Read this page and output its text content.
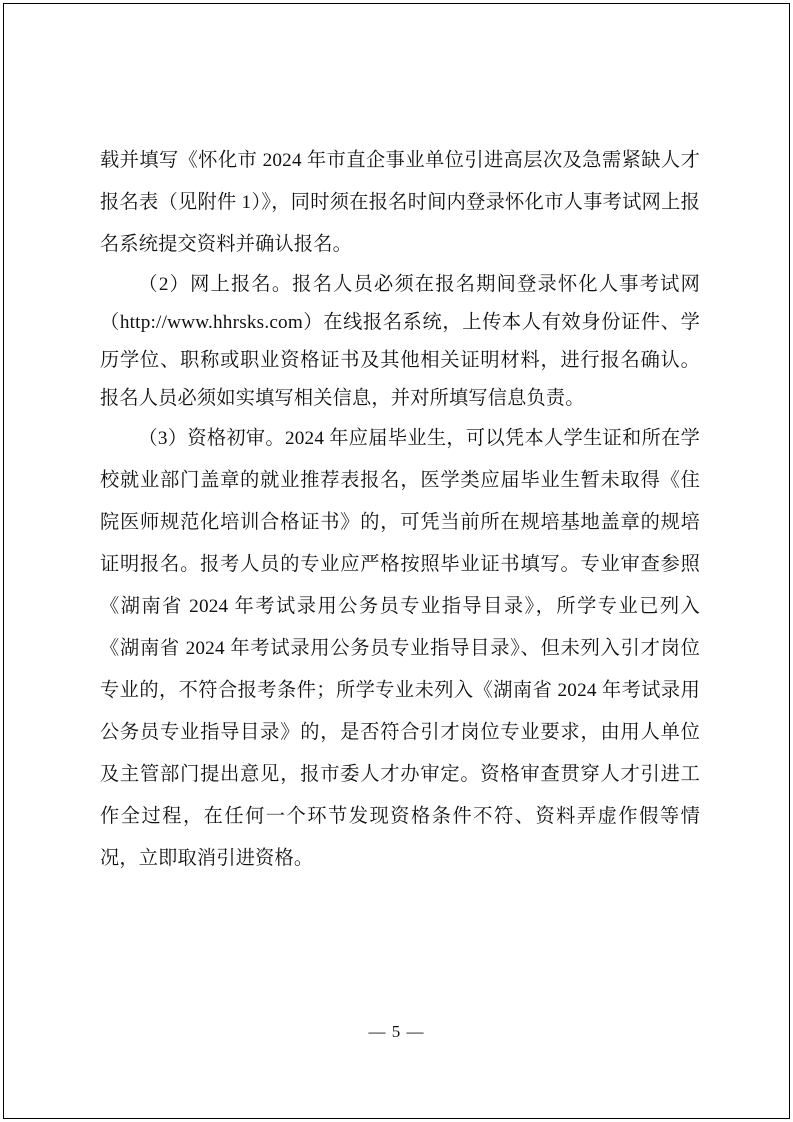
载并填写《怀化市 2024 年市直企事业单位引进高层次及急需紧缺人才报名表（见附件 1）》，同时须在报名时间内登录怀化市人事考试网上报名系统提交资料并确认报名。

（2）网上报名。报名人员必须在报名期间登录怀化人事考试网（http://www.hhrsks.com）在线报名系统，上传本人有效身份证件、学历学位、职称或职业资格证书及其他相关证明材料，进行报名确认。报名人员必须如实填写相关信息，并对所填写信息负责。

（3）资格初审。2024 年应届毕业生，可以凭本人学生证和所在学校就业部门盖章的就业推荐表报名，医学类应届毕业生暂未取得《住院医师规范化培训合格证书》的，可凭当前所在规培基地盖章的规培证明报名。报考人员的专业应严格按照毕业证书填写。专业审查参照《湖南省 2024 年考试录用公务员专业指导目录》，所学专业已列入《湖南省 2024 年考试录用公务员专业指导目录》、但未列入引才岗位专业的，不符合报考条件；所学专业未列入《湖南省 2024 年考试录用公务员专业指导目录》的，是否符合引才岗位专业要求，由用人单位及主管部门提出意见，报市委人才办审定。资格审查贯穿人才引进工作全过程，在任何一个环节发现资格条件不符、资料弄虚作假等情况，立即取消引进资格。

— 5 —
